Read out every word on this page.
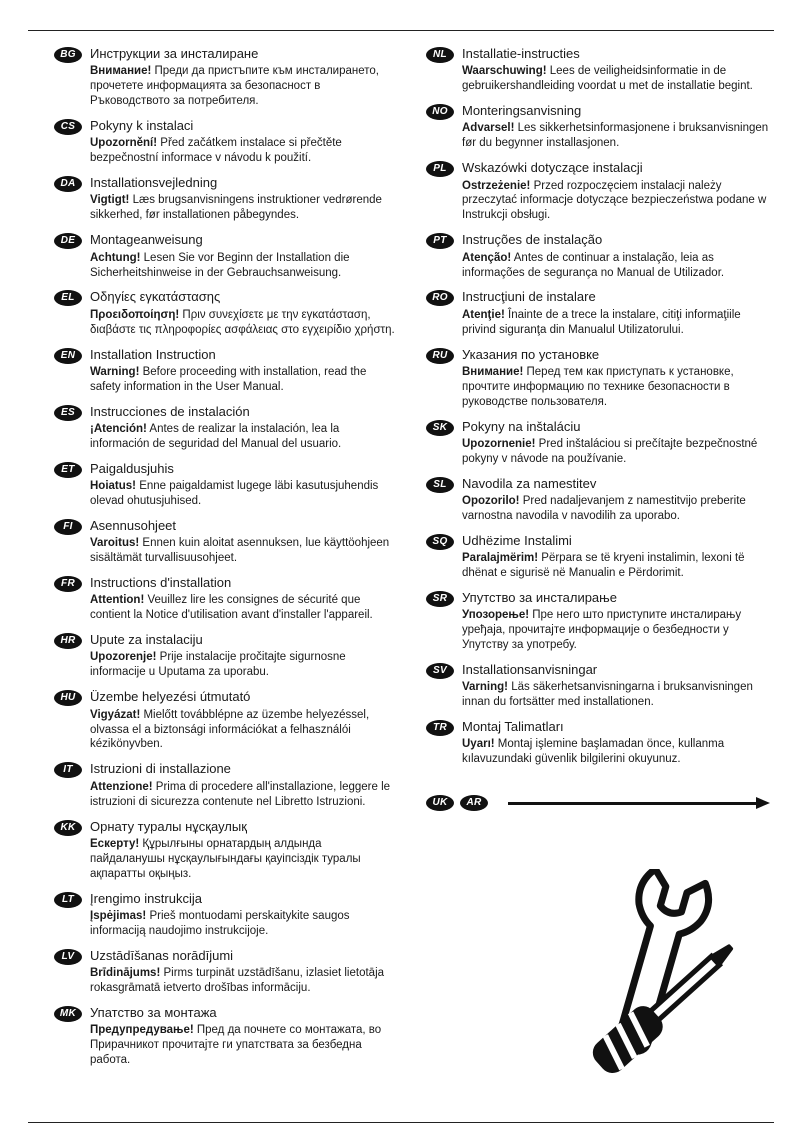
BG	Инструкции за инсталиране
Внимание! Преди да пристъпите към инсталирането, прочетете информацията за безопасност в Ръководството за потребителя.
CS	Pokyny k instalaci
Upozornění! Před začátkem instalace si přečtěte bezpečnostní informace v návodu k použití.
DA	Installationsvejledning
Vigtigt! Læs brugsanvisningens instruktioner vedrørende sikkerhed, før installationen påbegyndes.
DE	Montageanweisung
Achtung! Lesen Sie vor Beginn der Installation die Sicherheitshinweise in der Gebrauchsanweisung.
EL	Οδηγίες εγκατάστασης
Προειδοποίηση! Πριν συνεχίσετε με την εγκατάσταση, διαβάστε τις πληροφορίες ασφάλειας στο εγχειρίδιο χρήστη.
EN	Installation Instruction
Warning! Before proceeding with installation, read the safety information in the User Manual.
ES	Instrucciones de instalación
¡Atención! Antes de realizar la instalación, lea la información de seguridad del Manual del usuario.
ET	Paigaldusjuhis
Hoiatus! Enne paigaldamist lugege läbi kasutusjuhendis olevad ohutusjuhised.
FI	Asennusohjeet
Varoitus! Ennen kuin aloitat asennuksen, lue käyttöohjeen sisältämät turvallisuusohjeet.
FR	Instructions d'installation
Attention! Veuillez lire les consignes de sécurité que contient la Notice d'utilisation avant d'installer l'appareil.
HR	Upute za instalaciju
Upozorenje! Prije instalacije pročitajte sigurnosne informacije u Uputama za uporabu.
HU	Üzembe helyezési útmutató
Vigyázat! Mielőtt továbblépne az üzembe helyezéssel, olvassa el a biztonsági információkat a felhasználói kézikönyvben.
IT	Istruzioni di installazione
Attenzione! Prima di procedere all'installazione, leggere le istruzioni di sicurezza contenute nel Libretto Istruzioni.
KK	Орнату туралы нұсқаулық
Ескерту! Құрылғыны орнатардың алдында пайдаланушы нұсқаулығындағы қауіпсіздік туралы ақпаратты оқыңыз.
LT	Įrengimo instrukcija
Įspėjimas! Prieš montuodami perskaitykite saugos informaciją naudojimo instrukcijoje.
LV	Uzstādīšanas norādījumi
Brīdinājums! Pirms turpināt uzstādīšanu, izlasiet lietotāja rokasgrāmatā ietverto drošības informāciju.
MK	Упатство за монтажа
Предупредување! Пред да почнете со монтажата, во Прирачникот прочитајте ги упатствата за безбедна работа.
NL	Installatie-instructies
Waarschuwing! Lees de veiligheidsinformatie in de gebruikershandleiding voordat u met de installatie begint.
NO	Monteringsanvisning
Advarsel! Les sikkerhetsinformasjonene i bruksanvisningen før du begynner installasjonen.
PL	Wskazówki dotyczące instalacji
Ostrzeżenie! Przed rozpoczęciem instalacji należy przeczytać informacje dotyczące bezpieczeństwa podane w Instrukcji obsługi.
PT	Instruções de instalação
Atenção! Antes de continuar a instalação, leia as informações de segurança no Manual de Utilizador.
RO	Instrucţiuni de instalare
Atenţie! Înainte de a trece la instalare, citiţi informaţiile privind siguranţa din Manualul Utilizatorului.
RU	Указания по установке
Внимание! Перед тем как приступать к установке, прочтите информацию по технике безопасности в руководстве пользователя.
SK	Pokyny na inštaláciu
Upozornenie! Pred inštaláciou si prečítajte bezpečnostné pokyny v návode na používanie.
SL	Navodila za namestitev
Opozorilo! Pred nadaljevanjem z namestitvijo preberite varnostna navodila v navodilih za uporabo.
SQ	Udhëzime Instalimi
Paralajmërim! Përpara se të kryeni instalimin, lexoni të dhënat e sigurisë në Manualin e Përdorimit.
SR	Упутство за инсталирање
Упозорење! Пре него што приступите инсталирању уређаја, прочитајте информације о безбедности у Упутству за употребу.
SV	Installationsanvisningar
Varning! Läs säkerhetsanvisningarna i bruksanvisningen innan du fortsätter med installationen.
TR	Montaj Talimatları
Uyarı! Montaj işlemine başlamadan önce, kullanma kılavuzundaki güvenlik bilgilerini okuyunuz.
UK	AR
